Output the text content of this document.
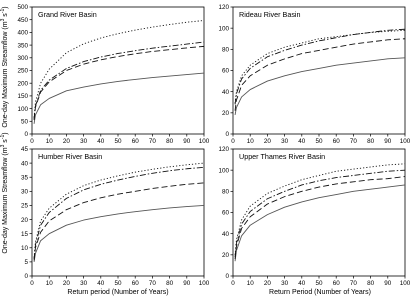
One-day Maximum Streamflow ($m^3$ $s^{-1}$)
One-day Maximum Streamflow ($m^3$ $s^{-1}$)
Return period (Number of Years)	Return Period (Number of Years)
0 10 20 30 40 50 60 70 80 90 100
0
50
100
150
200
250
300
350
400
450
500
Grand River Basin
0 10 20 30 40 50 60 70 80 90 100
0
20
40
60
80
100
120
Rideau River Basin
0 10 20 30 40 50 60 70 80 90 100
0
5
10
15
20
25
30
35
40
45
Humber River Basin
0 10 20 30 40 50 60 70 80 90 100
0
20
40
60
80
100
120
Upper Thames River Basin
